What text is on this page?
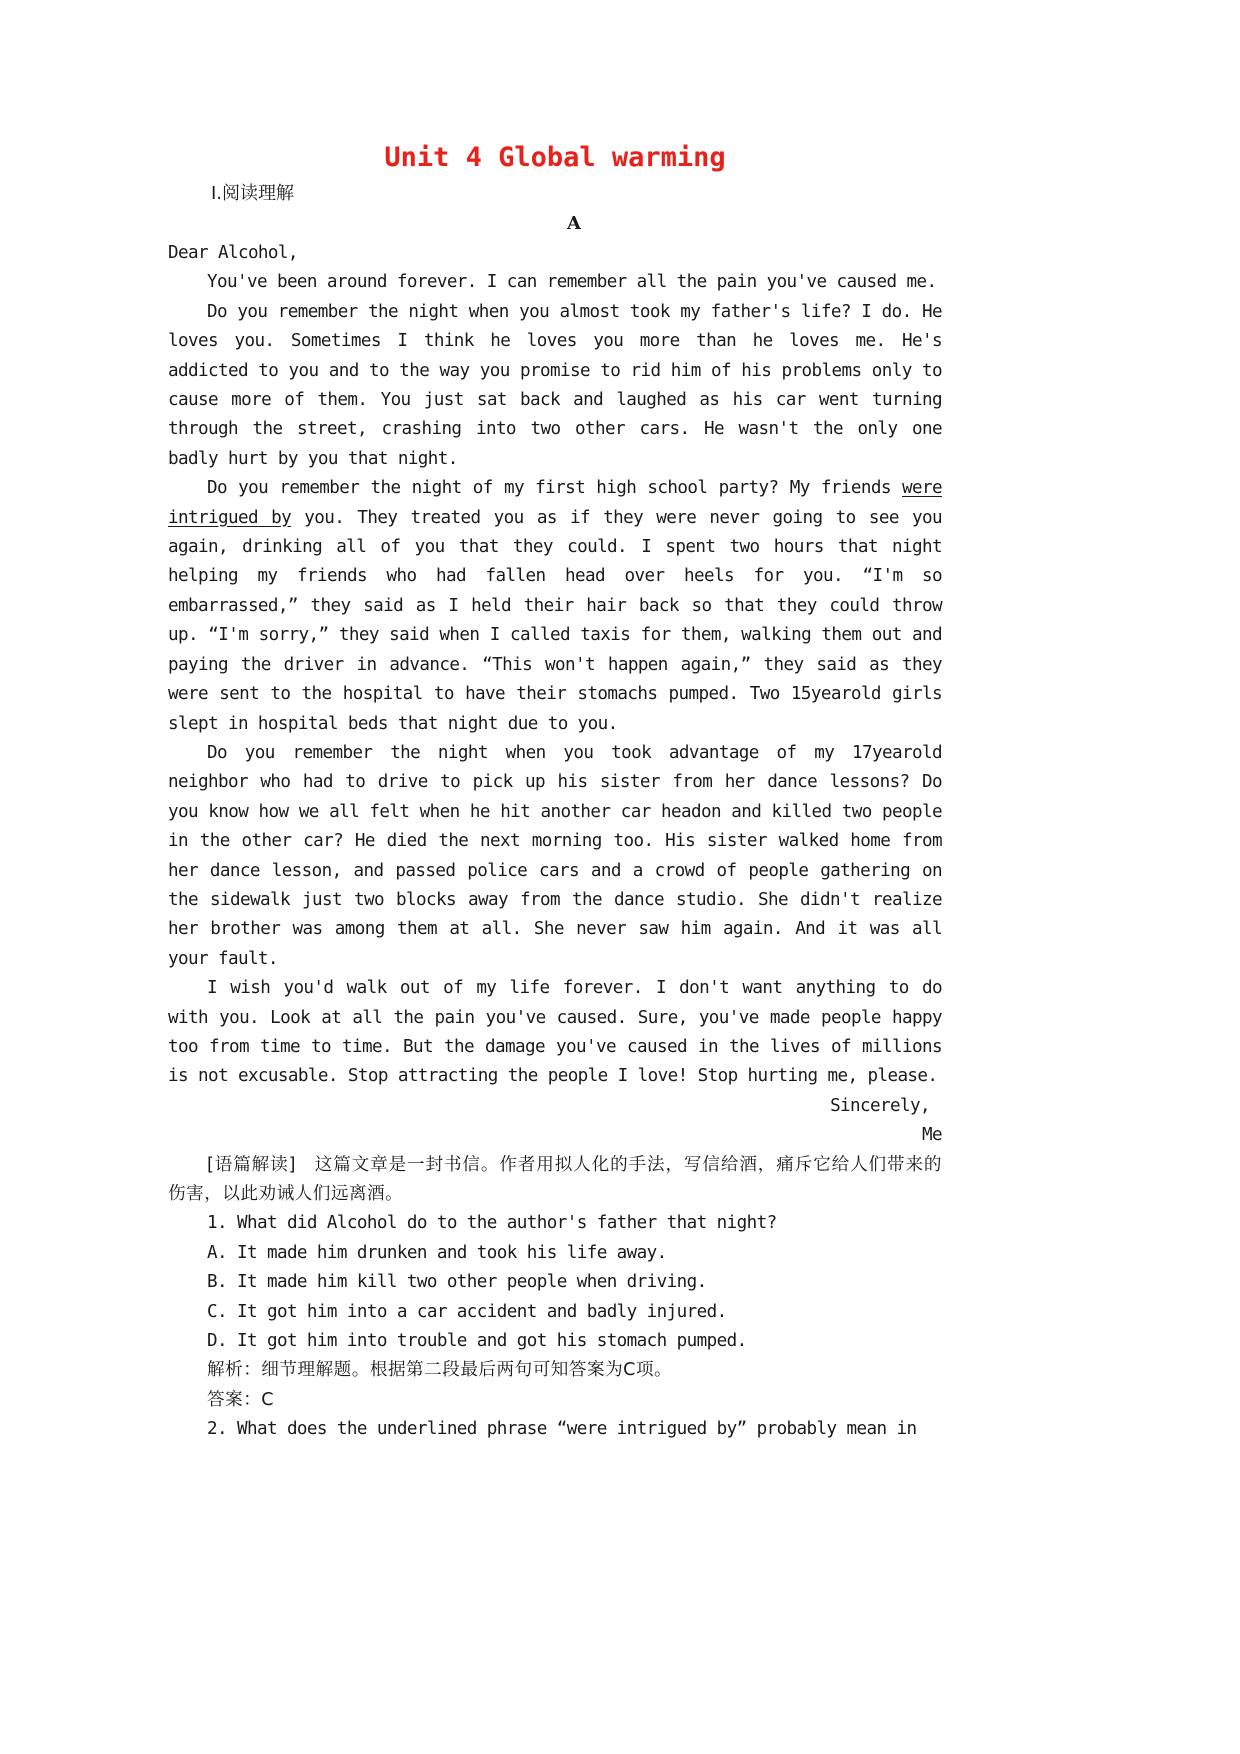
Unit 4 Global warming
Ⅰ.阅读理解
A

Dear Alcohol,

You've been around forever. I can remember all the pain you've caused me.

Do you remember the night when you almost took my father's life? I do. He loves you. Sometimes I think he loves you more than he loves me. He's addicted to you and to the way you promise to rid him of his problems only to cause more of them. You just sat back and laughed as his car went turning through the street, crashing into two other cars. He wasn't the only one badly hurt by you that night.

Do you remember the night of my first high school party? My friends were intrigued by you. They treated you as if they were never going to see you again, drinking all of you that they could. I spent two hours that night helping my friends who had fallen head over heels for you. “I'm so embarrassed,” they said as I held their hair back so that they could throw up. “I'm sorry,” they said when I called taxis for them, walking them out and paying the driver in advance. “This won't happen again,” they said as they were sent to the hospital to have their stomachs pumped. Two 15yearold girls slept in hospital beds that night due to you.

Do you remember the night when you took advantage of my 17yearold neighbor who had to drive to pick up his sister from her dance lessons? Do you know how we all felt when he hit another car headon and killed two people in the other car? He died the next morning too. His sister walked home from her dance lesson, and passed police cars and a crowd of people gathering on the sidewalk just two blocks away from the dance studio. She didn't realize her brother was among them at all. She never saw him again. And it was all your fault.

I wish you'd walk out of my life forever. I don't want anything to do with you. Look at all the pain you've caused. Sure, you've made people happy too from time to time. But the damage you've caused in the lives of millions is not excusable. Stop attracting the people I love! Stop hurting me, please.

Sincerely,

Me

[语篇解读]　这篇文章是一封书信。作者用拟人化的手法，写信给酒，痛斥它给人们带来的伤害，以此劝诫人们远离酒。

1. What did Alcohol do to the author's father that night?

A. It made him drunken and took his life away.

B. It made him kill two other people when driving.

C. It got him into a car accident and badly injured.

D. It got him into trouble and got his stomach pumped.

解析：细节理解题。根据第二段最后两句可知答案为C项。

答案：C

2. What does the underlined phrase “were intrigued by” probably mean in
